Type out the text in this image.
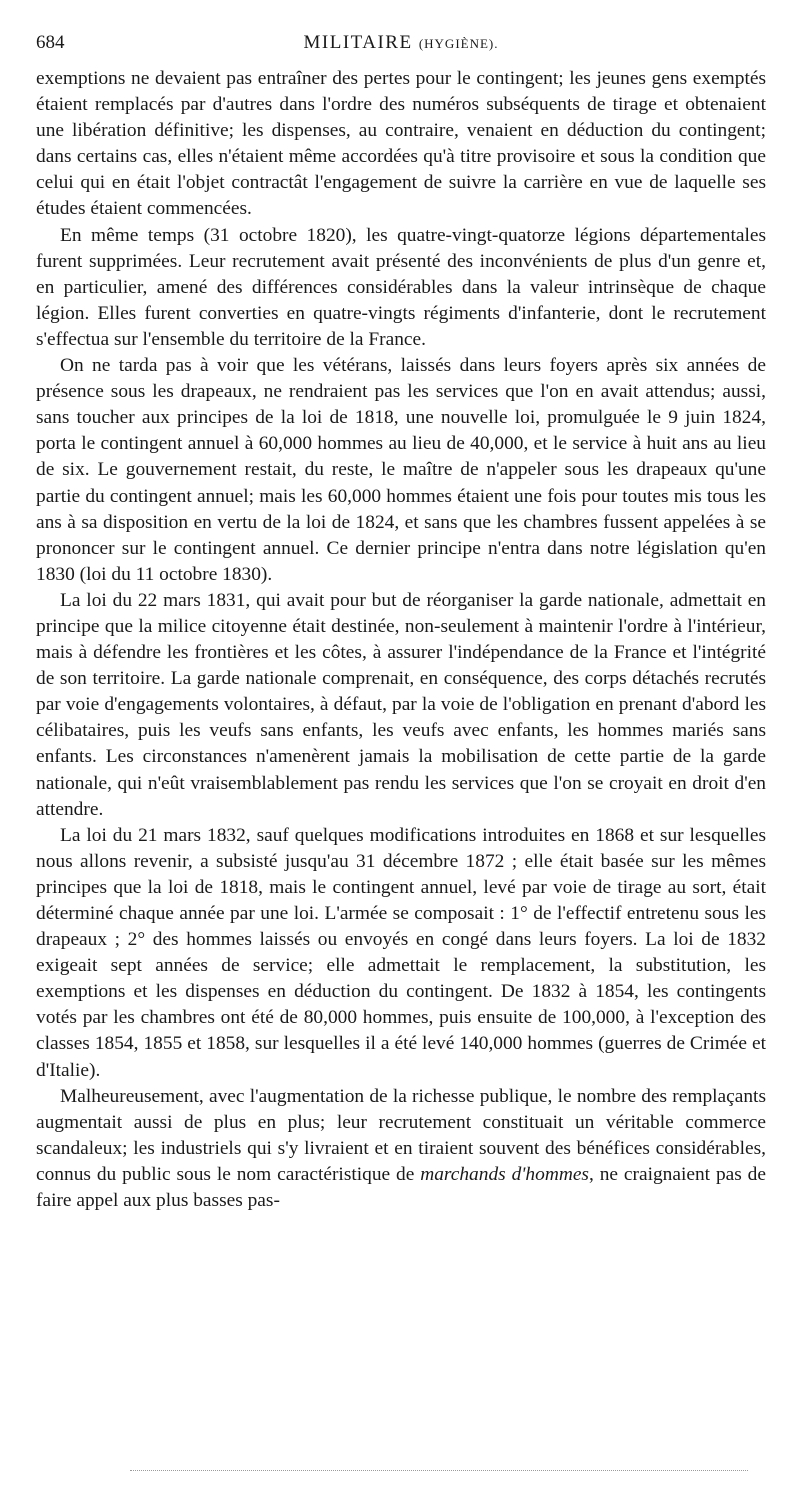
684	MILITAIRE (HYGIÈNE).

exemptions ne devaient pas entraîner des pertes pour le contingent; les jeunes gens exemptés étaient remplacés par d'autres dans l'ordre des numéros subséquents de tirage et obtenaient une libération définitive; les dispenses, au contraire, venaient en déduction du contingent; dans certains cas, elles n'étaient même accordées qu'à titre provisoire et sous la condition que celui qui en était l'objet contractât l'engagement de suivre la carrière en vue de laquelle ses études étaient commencées.

En même temps (31 octobre 1820), les quatre-vingt-quatorze légions départementales furent supprimées. Leur recrutement avait présenté des inconvénients de plus d'un genre et, en particulier, amené des différences considérables dans la valeur intrinsèque de chaque légion. Elles furent converties en quatre-vingts régiments d'infanterie, dont le recrutement s'effectua sur l'ensemble du territoire de la France.

On ne tarda pas à voir que les vétérans, laissés dans leurs foyers après six années de présence sous les drapeaux, ne rendraient pas les services que l'on en avait attendus; aussi, sans toucher aux principes de la loi de 1818, une nouvelle loi, promulguée le 9 juin 1824, porta le contingent annuel à 60,000 hommes au lieu de 40,000, et le service à huit ans au lieu de six. Le gouvernement restait, du reste, le maître de n'appeler sous les drapeaux qu'une partie du contingent annuel; mais les 60,000 hommes étaient une fois pour toutes mis tous les ans à sa disposition en vertu de la loi de 1824, et sans que les chambres fussent appelées à se prononcer sur le contingent annuel. Ce dernier principe n'entra dans notre législation qu'en 1830 (loi du 11 octobre 1830).

La loi du 22 mars 1831, qui avait pour but de réorganiser la garde nationale, admettait en principe que la milice citoyenne était destinée, non-seulement à maintenir l'ordre à l'intérieur, mais à défendre les frontières et les côtes, à assurer l'indépendance de la France et l'intégrité de son territoire. La garde nationale comprenait, en conséquence, des corps détachés recrutés par voie d'engagements volontaires, à défaut, par la voie de l'obligation en prenant d'abord les célibataires, puis les veufs sans enfants, les veufs avec enfants, les hommes mariés sans enfants. Les circonstances n'amenèrent jamais la mobilisation de cette partie de la garde nationale, qui n'eût vraisemblablement pas rendu les services que l'on se croyait en droit d'en attendre.

La loi du 21 mars 1832, sauf quelques modifications introduites en 1868 et sur lesquelles nous allons revenir, a subsisté jusqu'au 31 décembre 1872 ; elle était basée sur les mêmes principes que la loi de 1818, mais le contingent annuel, levé par voie de tirage au sort, était déterminé chaque année par une loi. L'armée se composait : 1° de l'effectif entretenu sous les drapeaux ; 2° des hommes laissés ou envoyés en congé dans leurs foyers. La loi de 1832 exigeait sept années de service; elle admettait le remplacement, la substitution, les exemptions et les dispenses en déduction du contingent. De 1832 à 1854, les contingents votés par les chambres ont été de 80,000 hommes, puis ensuite de 100,000, à l'exception des classes 1854, 1855 et 1858, sur lesquelles il a été levé 140,000 hommes (guerres de Crimée et d'Italie).

Malheureusement, avec l'augmentation de la richesse publique, le nombre des remplaçants augmentait aussi de plus en plus; leur recrutement constituait un véritable commerce scandaleux; les industriels qui s'y livraient et en tiraient souvent des bénéfices considérables, connus du public sous le nom caractéristique de marchands d'hommes, ne craignaient pas de faire appel aux plus basses pas-
